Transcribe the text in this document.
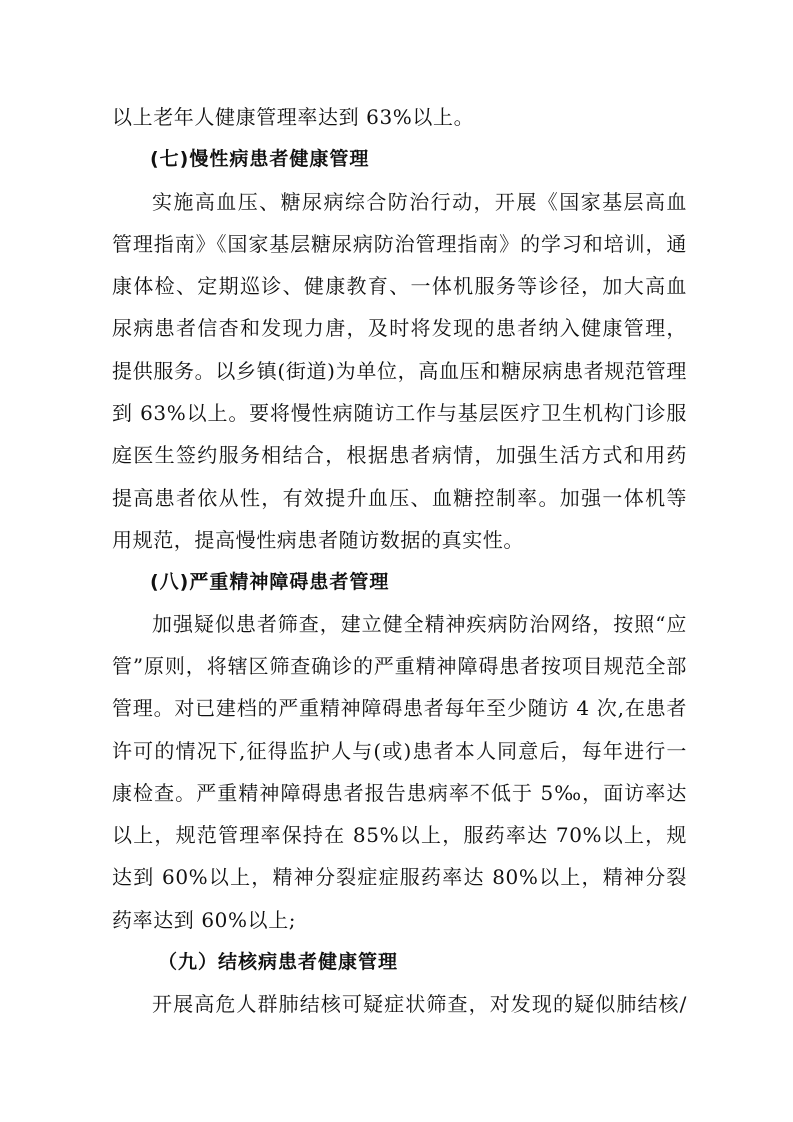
以上老年人健康管理率达到 63%以上。
(七)慢性病患者健康管理
实施高血压、糖尿病综合防治行动，开展《国家基层高血
管理指南》《国家基层糖尿病防治管理指南》的学习和培训，通
康体检、定期巡诊、健康教育、一体机服务等诊径，加大高血
尿病患者信杳和发现力唐，及时将发现的患者纳入健康管理，
提供服务。以乡镇(街道)为单位，高血压和糖尿病患者规范管理
到 63%以上。要将慢性病随访工作与基层医疗卫生机构门诊服
庭医生签约服务相结合，根据患者病情，加强生活方式和用药
提高患者依从性，有效提升血压、血糖控制率。加强一体机等
用规范，提高慢性病患者随访数据的真实性。
(八)严重精神障碍患者管理
加强疑似患者筛查，建立健全精神疾病防治网络，按照“应
管”原则，将辖区筛查确诊的严重精神障碍患者按项目规范全部
管理。对已建档的严重精神障碍患者每年至少随访 4 次,在患者
许可的情况下,征得监护人与(或)患者本人同意后，每年进行一
康检查。严重精神障碍患者报告患病率不低于 5‰，面访率达
以上，规范管理率保持在 85%以上，服药率达 70%以上，规
达到 60%以上，精神分裂症症服药率达 80%以上，精神分裂
药率达到 60%以上;
（九）结核病患者健康管理
开展高危人群肺结核可疑症状筛查，对发现的疑似肺结核/
